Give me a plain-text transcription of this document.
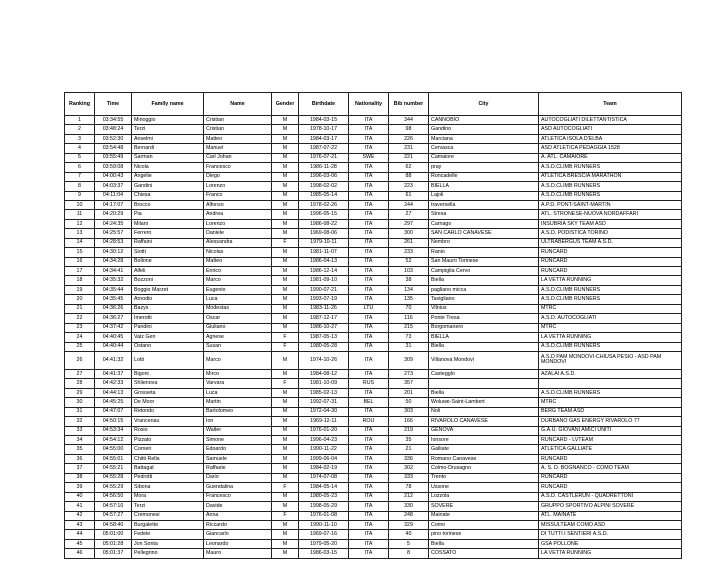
Ranking	Time	Family name	Name	Gender	Birthdate	Nationality	Bib number	City	Team
1	03:34:55	Minoggio	Cristian	M	1984-03-15	ITA	344	CANNOBIO	AUTOCOGLIATI DILETTANTISTICA
2	03:48:24	Terzi	Cristian	M	1978-10-17	ITA	98	Gandino	ASD AUTOCOGLIATI
3	03:52:30	Anselmi	Matteo	M	1984-03-17	ITA	226	Marciana	ATLETICA ISOLA D'ELBA
4	03:54:48	Bernardi	Manuel	M	1987-07-22	ITA	231	Cervasca	ASD ATLETICA PEDAGGIA 1528
5	03:55:49	Sarman	Carl Johan	M	1976-07-21	SWE	221	Camaiore	A. ATL. CAMAIORE
6	03:59:08	Nicola	Francesco	M	1986-11-28	ITA	62	pray	A.S.D.CLIMB RUNNERS
7	04:00:43	Angelie	Diego	M	1996-03-06	ITA	88	Roncadelle	ATLETICA BRESCIA MARATHON
8	04:03:37	Gandini	Lorenzo	M	1998-02-02	ITA	223	BIELLA	A.S.D.CLIMB RUNNERS
9	04:11:04	Chiesa	Franco	M	1985-05-14	ITA	61	Lajoli	A.S.D.CLIMB RUNNERS
10	04:17:07	Brocco	Alfonso	M	1978-02-26	ITA	244	traversella	A.P.D. PONT-SAINT-MARTIN
11	04:20:29	Pia	Andrea	M	1996-05-15	ITA	27	Stresa	ATL. STRONESE-NUOVA NORDAFFARI
12	04:24:35	Milani	Lorenzo	M	1986-08-22	ITA	297	Carnago	INSUBRIA SKY TEAM ASD
13	04:25:57	Ferrero	Daniele	M	1969-08-06	ITA	300	SAN CARLO CANAVESE	A.S.D. PODISTICA TORINO
14	04:28:53	Raffaini	Alessandra	F	1979-10-11	ITA	261	Nembro	ULTRABERGUS TEAM A.S.D.
15	04:30:12	Siotti	Nicolas	M	1981-11-07	ITA	233	Ranio	RUNCARD
16	04:34:28	Bollone	Matteo	M	1986-04-13	ITA	52	San Mauro Torinese	RUNCARD
17	04:34:41	Alfeli	Enrico	M	1986-12-14	ITA	103	Campiglia Cervo	RUNCARD
18	04:35:32	Bozzoni	Marco	M	1981-09-10	ITA	38	Biella	LA VETTA RUNNING
19	04:35:44	Boggio Marzet	Eugenio	M	1990-07-21	ITA	134	pagliano micca	A.S.D.CLIMB RUNNERS
20	04:35:45	Arnodio	Luca	M	1993-07-19	ITA	135	Tavigliano	A.S.D.CLIMB RUNNERS
21	04:36:26	Bazys	Modestas	M	1983-11-26	LTU	70	Vilnius	MTRC
22	04:36:27	Imerotti	Oscar	M	1987-12-17	ITA	116	Ponte Tresa	A.S.D. AUTOCOGLIATI
23	04:37:42	Pandini	Giuliano	M	1986-10-27	ITA	215	Borgomanero	MTRC
24	04:40:45	Valz Gen	Agnese	F	1987-05-13	ITA	73	BIELLA	LA VETTA RUNNING
25	04:40:44	Ostano	Susan	F	1980-05-28	ITA	31	Biella	A.S.D.CLIMB RUNNERS
26	04:41:32	Lotti	Marco	M	1974-10-26	ITA	309	Villanova Mondovi	A.S.D PAM MONDOVI-CHIUSA PESIO - ASD PAM MONDOVI
27	04:41:37	Bigoni	Mirco	M	1984-08-12	ITA	273	Castegglo	AZALAI A.S.D.
28	04:42:33	Shlienova	Varvara	F	1981-10-09	RUS	357		
29	04:44:13	Grosseta	Luca	M	1985-02-13	ITA	201	Biella	A.S.D.CLIMB RUNNERS
30	04:45:25	De Moor	Martin	M	1992-07-31	BEL	50	Woluwe-Saint-Lambert	MTRC
31	04:47:07	Retondo	Bartolomeo	M	1972-04-30	ITA	303	Noli	BERG TEAM ASD
32	04:50:15	Vrancenau	Ion	M	1969-12-11	ROU	166	RIVAROLO CANAVESE	DURBANO GAS ENERGY RIVAROLO 77
33	04:53:34	Rosio	Walter	M	1976-01-20	ITA	219	GENOVA	G.A.U. GIOVANI AMICI UNITI
34	04:54:12	Pizzato	Simone	M	1996-04-23	ITA	35	Ionsore	RUNCARD - LVTEAM
35	04:55:00	Corneri	Edoardo	M	1990-11-22	ITA	21	Galliate	ATLETICA GALLIATE
36	04:55:01	Chitti Rella	Samuele	M	1999-06-04	ITA	336	Romano Canavese	RUNCARD
37	04:55:21	Battagat	Raffaele	M	1984-02-19	ITA	302	Colmo-Drusagno	A. S. D. BOGNANCO - COMO TEAM
38	04:55:28	Pedrotti	Dario	M	1974-07-08	ITA	333	Trento	RUNCARD
39	04:55:29	Sibona	Guendalina	F	1984-05-14	ITA	78	Ussone	RUNCARD
40	04:56:50	Mora	Francesco	M	1980-05-23	ITA	212	Lozzola	A.S.D. CASTLERUN - QUADRETTONI
41	04:57:10	Terzi	Davide	M	1998-05-29	ITA	330	SOVERE	GRUPPO SPORTIVO ALPINI SOVERE
42	04:57:27	Cremonesi	Anna	F	1976-01-08	ITA	248	Mainate	ATL. MAINATE
43	04:58:40	Burgalette	Riccardo	M	1990-11-10	ITA	329	Como	MISSULTEAM COMO ASD
44	05:01:00	Fedele	Giancarlo	M	1969-07-16	ITA	40	pino torinese	DI TUTTI I SENTIERI A.S.D.
45	05:01:28	Jon Sonta	Leonardo	M	1979-05-20	ITA	5	Biella	GSA POLLONE
46	05:01:37	Pellegrino	Mauro	M	1986-03-15	ITA	8	COSSATO	LA VETTA RUNNING
